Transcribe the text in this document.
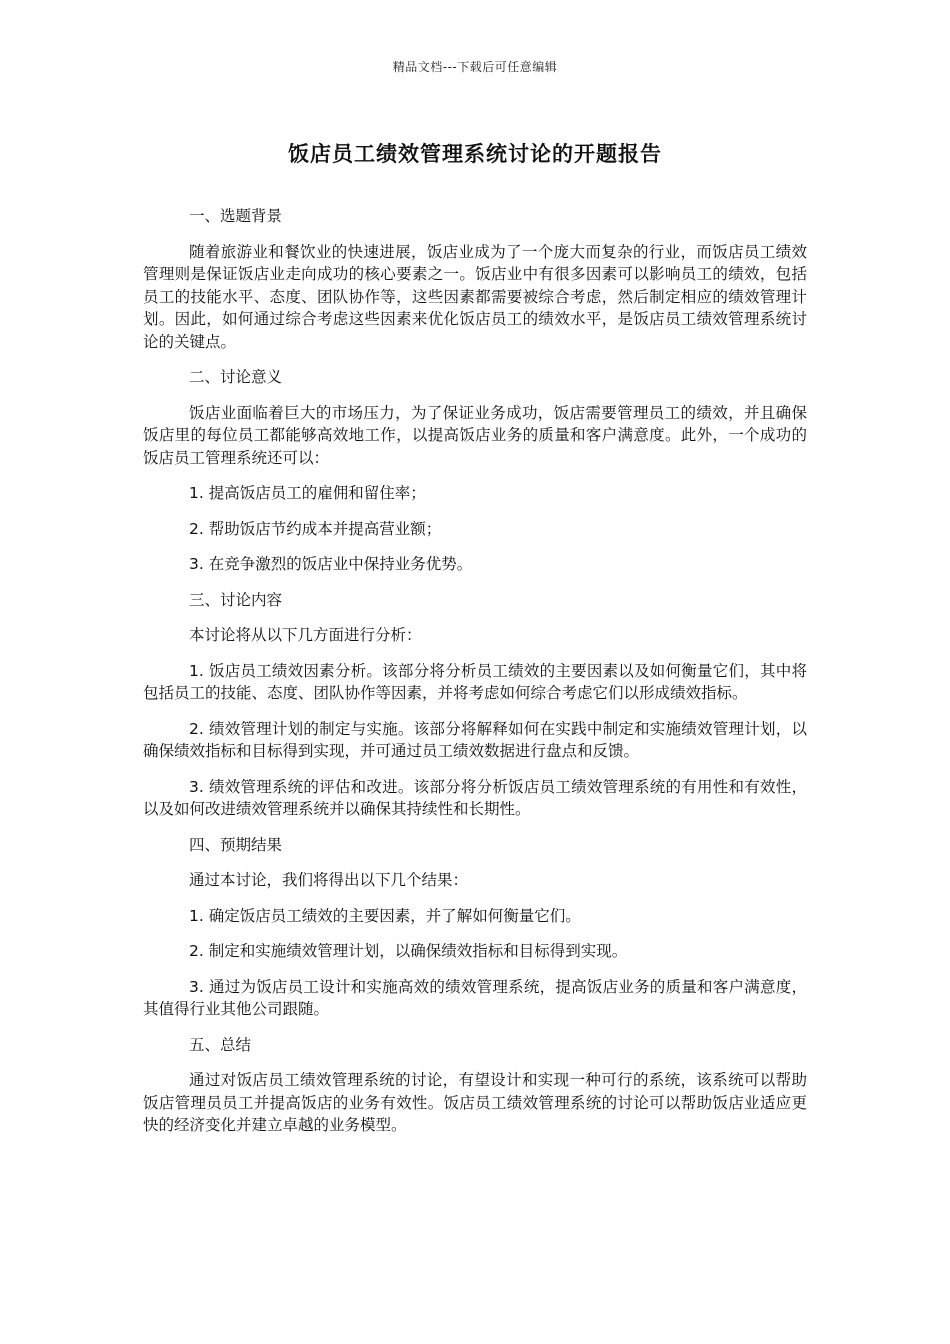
精品文档---下载后可任意编辑
饭店员工绩效管理系统讨论的开题报告
一、选题背景

随着旅游业和餐饮业的快速进展，饭店业成为了一个庞大而复杂的行业，而饭店员工绩效管理则是保证饭店业走向成功的核心要素之一。饭店业中有很多因素可以影响员工的绩效，包括员工的技能水平、态度、团队协作等，这些因素都需要被综合考虑，然后制定相应的绩效管理计划。因此，如何通过综合考虑这些因素来优化饭店员工的绩效水平，是饭店员工绩效管理系统讨论的关键点。

二、讨论意义

饭店业面临着巨大的市场压力，为了保证业务成功，饭店需要管理员工的绩效，并且确保饭店里的每位员工都能够高效地工作，以提高饭店业务的质量和客户满意度。此外，一个成功的饭店员工管理系统还可以：

1. 提高饭店员工的雇佣和留住率；

2. 帮助饭店节约成本并提高营业额；

3. 在竞争激烈的饭店业中保持业务优势。

三、讨论内容

本讨论将从以下几方面进行分析：

1. 饭店员工绩效因素分析。该部分将分析员工绩效的主要因素以及如何衡量它们，其中将包括员工的技能、态度、团队协作等因素，并将考虑如何综合考虑它们以形成绩效指标。

2. 绩效管理计划的制定与实施。该部分将解释如何在实践中制定和实施绩效管理计划，以确保绩效指标和目标得到实现，并可通过员工绩效数据进行盘点和反馈。

3. 绩效管理系统的评估和改进。该部分将分析饭店员工绩效管理系统的有用性和有效性，以及如何改进绩效管理系统并以确保其持续性和长期性。

四、预期结果

通过本讨论，我们将得出以下几个结果：

1. 确定饭店员工绩效的主要因素，并了解如何衡量它们。

2. 制定和实施绩效管理计划，以确保绩效指标和目标得到实现。

3. 通过为饭店员工设计和实施高效的绩效管理系统，提高饭店业务的质量和客户满意度，其值得行业其他公司跟随。

五、总结

通过对饭店员工绩效管理系统的讨论，有望设计和实现一种可行的系统，该系统可以帮助饭店管理员员工并提高饭店的业务有效性。饭店员工绩效管理系统的讨论可以帮助饭店业适应更快的经济变化并建立卓越的业务模型。
